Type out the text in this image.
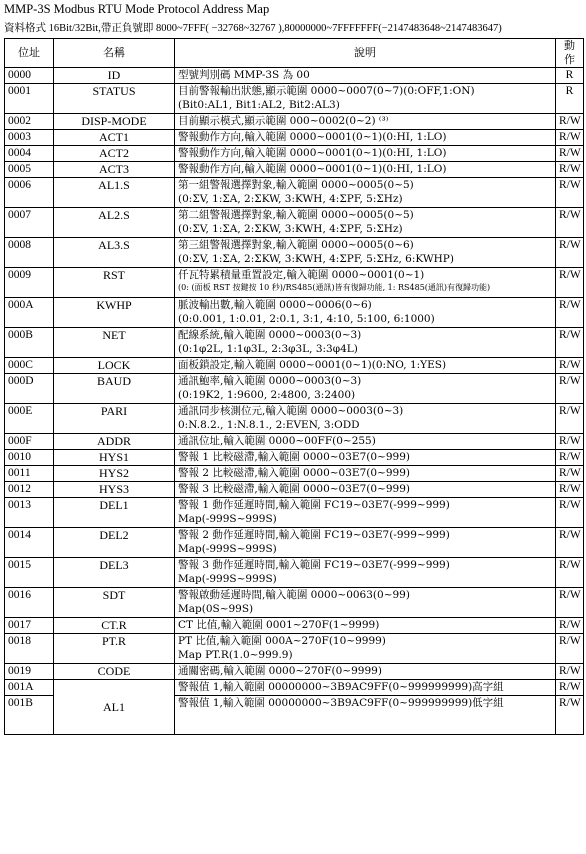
MMP-3S Modbus RTU Mode Protocol Address Map
資料格式 16Bit/32Bit,帶正負號即 8000~7FFF( −32768~32767 ),80000000~7FFFFFFF(−2147483648~2147483647)
位址	名稱	說明	動作
0000	ID	型號判別碼 MMP-3S 為 00	R
0001	STATUS	目前警報輸出狀態,顯示範圍 0000~0007(0~7)(0:OFF,1:ON)
(Bit0:AL1, Bit1:AL2, Bit2:AL3)	R
0002	DISP-MODE	目前顯示模式,顯示範圍 000~0002(0~2) ⁽³⁾	R/W
0003	ACT1	警報動作方向,輸入範圍 0000~0001(0~1)(0:HI, 1:LO)	R/W
0004	ACT2	警報動作方向,輸入範圍 0000~0001(0~1)(0:HI, 1:LO)	R/W
0005	ACT3	警報動作方向,輸入範圍 0000~0001(0~1)(0:HI, 1:LO)	R/W
0006	AL1.S	第一組警報選擇對象,輸入範圍 0000~0005(0~5)
(0:ΣV, 1:ΣA, 2:ΣKW, 3:KWH, 4:ΣPF, 5:ΣHz)	R/W
0007	AL2.S	第二組警報選擇對象,輸入範圍 0000~0005(0~5)
(0:ΣV, 1:ΣA, 2:ΣKW, 3:KWH, 4:ΣPF, 5:ΣHz)	R/W
0008	AL3.S	第三組警報選擇對象,輸入範圍 0000~0005(0~6)
(0:ΣV, 1:ΣA, 2:ΣKW, 3:KWH, 4:ΣPF, 5:ΣHz, 6:KWHP)	R/W
0009	RST	仟瓦特累積量重置設定,輸入範圍 0000~0001(0~1)
(0: (面板 RST 按鍵按 10 秒)/RS485(通訊)皆有復歸功能, 1: RS485(通訊)有復歸功能)	R/W
000A	KWHP	脈波輸出數,輸入範圍 0000~0006(0~6)
(0:0.001, 1:0.01, 2:0.1, 3:1, 4:10, 5:100, 6:1000)	R/W
000B	NET	配線系統,輸入範圍 0000~0003(0~3)
(0:1φ2L, 1:1φ3L, 2:3φ3L, 3:3φ4L)	R/W
000C	LOCK	面板鎖設定,輸入範圍 0000~0001(0~1)(0:NO, 1:YES)	R/W
000D	BAUD	通訊鮑率,輸入範圍 0000~0003(0~3)
(0:19K2, 1:9600, 2:4800, 3:2400)	R/W
000E	PARI	通訊同步核測位元,輸入範圍 0000~0003(0~3)
0:N.8.2., 1:N.8.1., 2:EVEN, 3:ODD	R/W
000F	ADDR	通訊位址,輸入範圍 0000~00FF(0~255)	R/W
0010	HYS1	警報 1 比較磁滯,輸入範圍 0000~03E7(0~999)	R/W
0011	HYS2	警報 2 比較磁滯,輸入範圍 0000~03E7(0~999)	R/W
0012	HYS3	警報 3 比較磁滯,輸入範圍 0000~03E7(0~999)	R/W
0013	DEL1	警報 1 動作延遲時間,輸入範圍 FC19~03E7(-999~999)
Map(-999S~999S)	R/W
0014	DEL2	警報 2 動作延遲時間,輸入範圍 FC19~03E7(-999~999)
Map(-999S~999S)	R/W
0015	DEL3	警報 3 動作延遲時間,輸入範圍 FC19~03E7(-999~999)
Map(-999S~999S)	R/W
0016	SDT	警報啟動延遲時間,輸入範圍 0000~0063(0~99)
Map(0S~99S)	R/W
0017	CT.R	CT 比值,輸入範圍 0001~270F(1~9999)	R/W
0018	PT.R	PT 比值,輸入範圍 000A~270F(10~9999)
Map PT.R(1.0~999.9)	R/W
0019	CODE	通關密碼,輸入範圍 0000~270F(0~9999)	R/W
001A	AL1	警報值 1,輸入範圍 00000000~3B9AC9FF(0~999999999)高字組	R/W
001B		警報值 1,輸入範圍 00000000~3B9AC9FF(0~999999999)低字組	R/W
